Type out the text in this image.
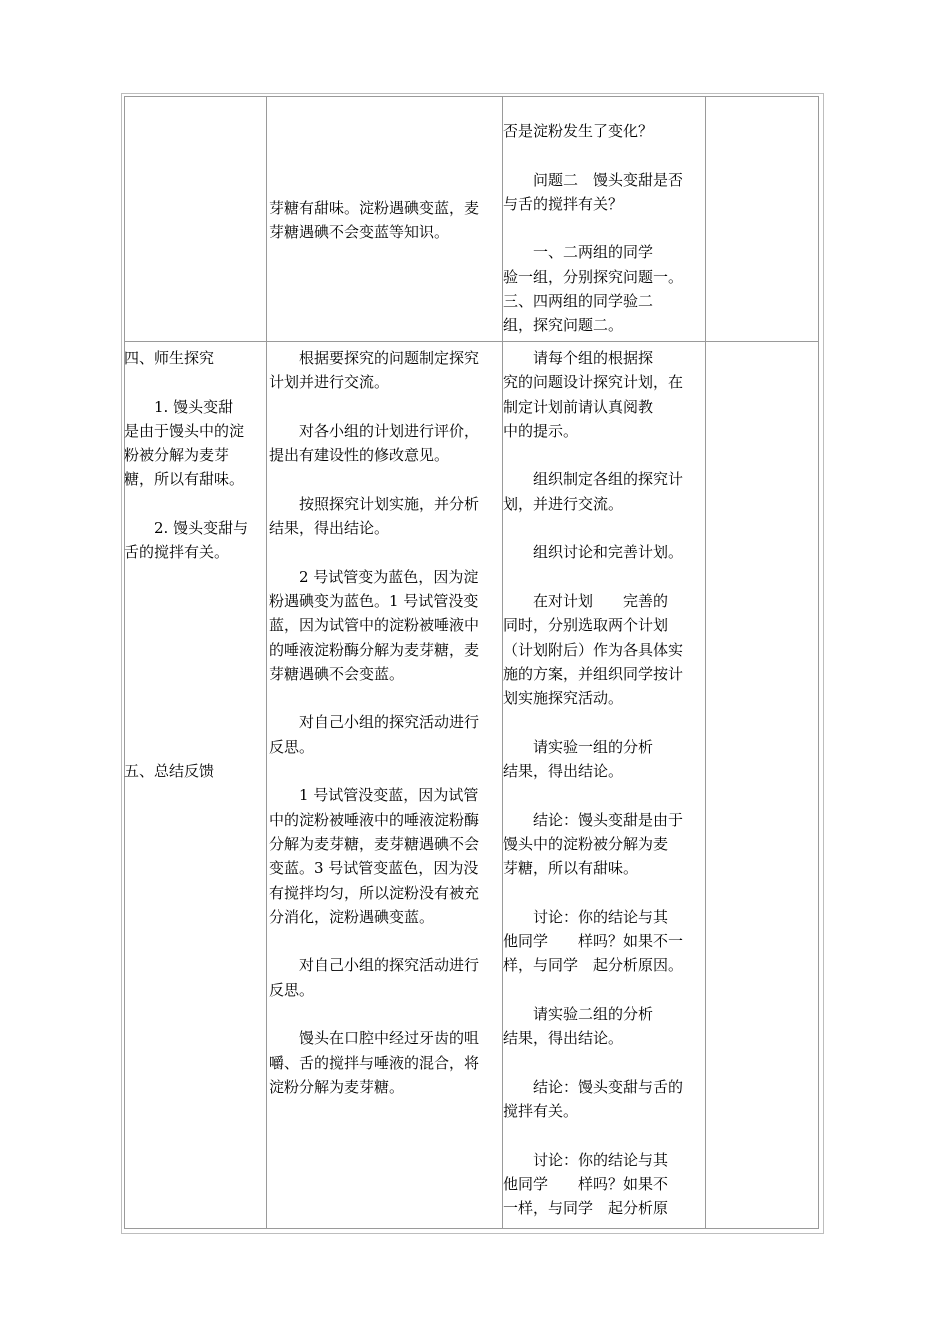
芽糖有甜味。淀粉遇碘变蓝，麦

芽糖遇碘不会变蓝等知识。

否是淀粉发生了变化？

　　问题二　馒头变甜是否

与舌的搅拌有关？

　　一、二两组的同学

验一组，分别探究问题一。

三、四两组的同学验二

组，探究问题二。

四、师生探究

　　1. 馒头变甜

是由于馒头中的淀

粉被分解为麦芽

糖，所以有甜味。

　　2. 馒头变甜与

舌的搅拌有关。

五、总结反馈

　　根据要探究的问题制定探究

计划并进行交流。

　　对各小组的计划进行评价，

提出有建设性的修改意见。

　　按照探究计划实施，并分析

结果，得出结论。

　　2 号试管变为蓝色，因为淀

粉遇碘变为蓝色。1 号试管没变

蓝，因为试管中的淀粉被唾液中

的唾液淀粉酶分解为麦芽糖，麦

芽糖遇碘不会变蓝。

　　对自己小组的探究活动进行

反思。

　　1 号试管没变蓝，因为试管

中的淀粉被唾液中的唾液淀粉酶

分解为麦芽糖，麦芽糖遇碘不会

变蓝。3 号试管变蓝色，因为没

有搅拌均匀，所以淀粉没有被充

分消化，淀粉遇碘变蓝。

　　对自己小组的探究活动进行

反思。

　　馒头在口腔中经过牙齿的咀

嚼、舌的搅拌与唾液的混合，将

淀粉分解为麦芽糖。

　　请每个组的根据探

究的问题设计探究计划，在

制定计划前请认真阅教

中的提示。

　　组织制定各组的探究计

划，并进行交流。

　　组织讨论和完善计划。

　　在对计划　　完善的

同时，分别选取两个计划

（计划附后）作为各具体实

施的方案，并组织同学按计

划实施探究活动。

　　请实验一组的分析

结果，得出结论。

　　结论：馒头变甜是由于

馒头中的淀粉被分解为麦

芽糖，所以有甜味。

　　讨论：你的结论与其

他同学　　样吗？如果不一

样，与同学　起分析原因。

　　请实验二组的分析

结果，得出结论。

　　结论：馒头变甜与舌的

搅拌有关。

　　讨论：你的结论与其

他同学　　样吗？如果不

一样，与同学　起分析原
